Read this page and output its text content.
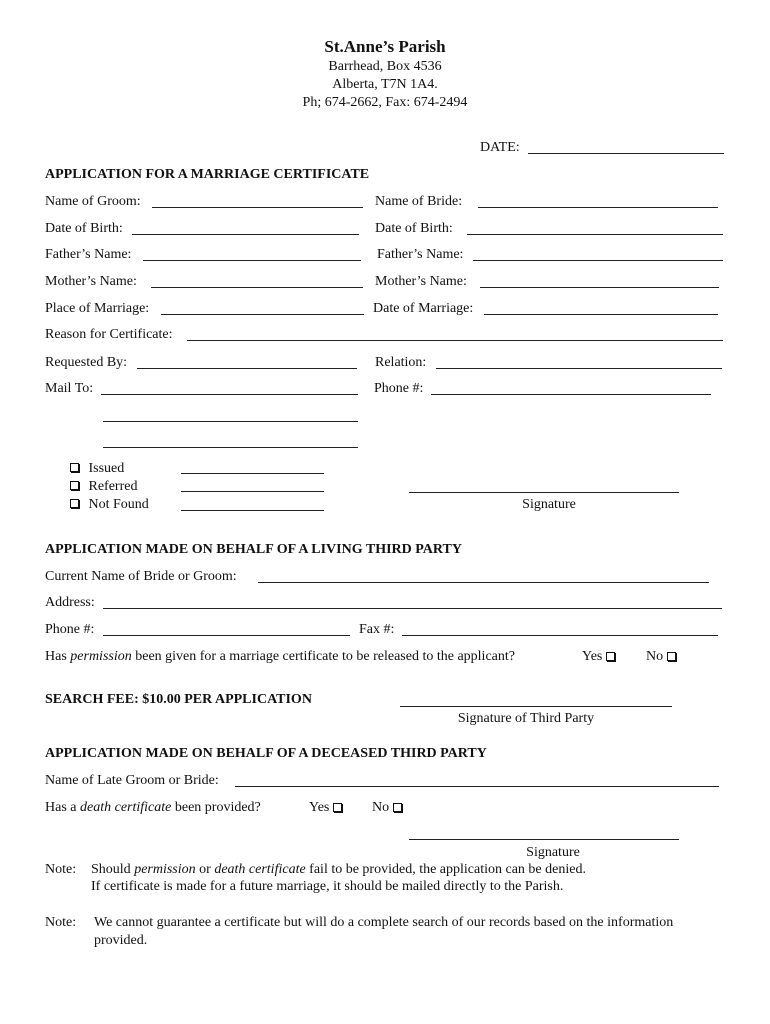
St.Anne’s Parish
Barrhead, Box 4536
Alberta, T7N 1A4.
Ph; 674-2662, Fax: 674-2494
DATE:
APPLICATION FOR A MARRIAGE CERTIFICATE
Name of Groom:	Name of Bride:
Date of Birth:	Date of Birth:
Father’s Name:	Father’s Name:
Mother’s Name:	Mother’s Name:
Place of Marriage:	Date of Marriage:
Reason for Certificate:
Requested By:	Relation:
Mail To:	Phone #:
Issued
Referred
Not Found	Signature
APPLICATION MADE ON BEHALF OF A LIVING THIRD PARTY
Current Name of Bride or Groom:
Address:
Phone #:	Fax #:
Has permission been given for a marriage certificate to be released to the applicant?	Yes	No
SEARCH FEE: $10.00 PER APPLICATION
Signature of Third Party
APPLICATION MADE ON BEHALF OF A DECEASED THIRD PARTY
Name of Late Groom or Bride:
Has a death certificate been provided?	Yes	No
Signature
Note: Should permission or death certificate fail to be provided, the application can be denied.
If certificate is made for a future marriage, it should be mailed directly to the Parish.
Note: We cannot guarantee a certificate but will do a complete search of our records based on the information
provided.
